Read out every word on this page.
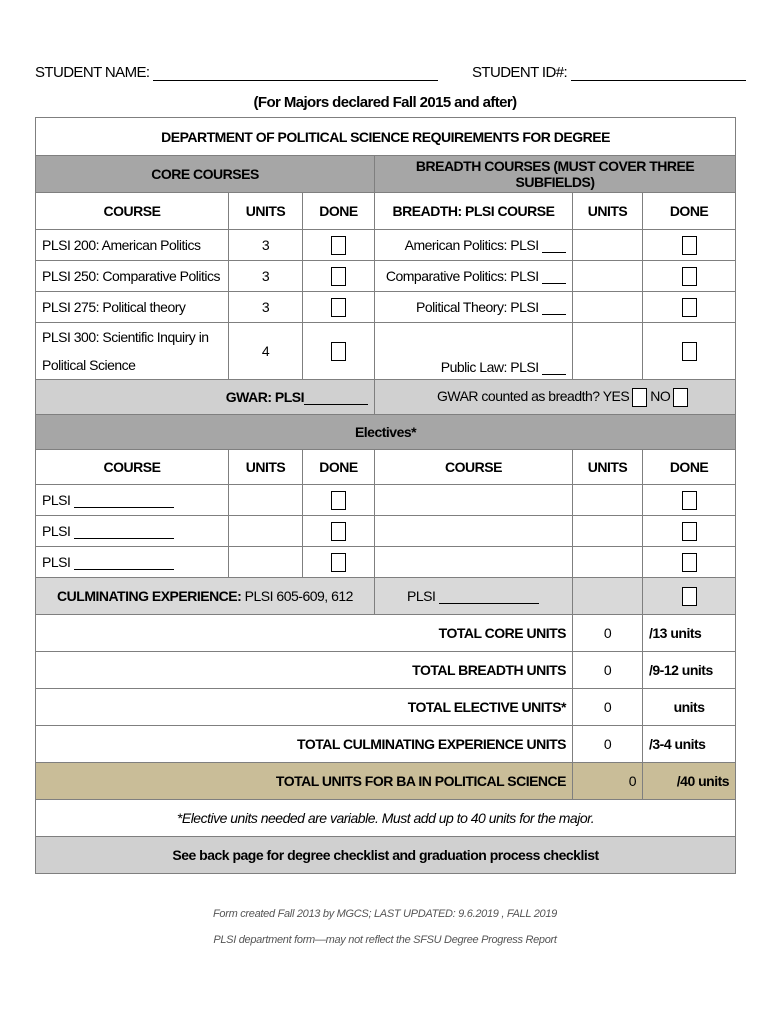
STUDENT NAME:	STUDENT ID#:
(For Majors declared Fall 2015 and after)
DEPARTMENT OF POLITICAL SCIENCE REQUIREMENTS FOR DEGREE					
CORE COURSES			BREADTH COURSES (MUST COVER THREE SUBFIELDS)		
COURSE	UNITS	DONE	BREADTH: PLSI COURSE	UNITS	DONE
PLSI 200: American Politics	3		American Politics: PLSI		
PLSI 250: Comparative Politics	3		Comparative Politics: PLSI		
PLSI 275: Political theory	3		Political Theory: PLSI		
PLSI 300: Scientific Inquiry in Political Science	4		Public Law: PLSI		
GWAR: PLSI			GWAR counted as breadth? YES NO		
Electives*					
COURSE	UNITS	DONE	COURSE	UNITS	DONE
PLSI					
PLSI					
PLSI					
CULMINATING EXPERIENCE: PLSI 605-609, 612			PLSI		
TOTAL CORE UNITS				0	/13 units
TOTAL BREADTH UNITS				0	/9-12 units
TOTAL ELECTIVE UNITS*				0	units
TOTAL CULMINATING EXPERIENCE UNITS				0	/3-4 units
TOTAL UNITS FOR BA IN POLITICAL SCIENCE				0	/40 units
*Elective units needed are variable. Must add up to 40 units for the major.					
See back page for degree checklist and graduation process checklist					
Form created Fall 2013 by MGCS; LAST UPDATED: 9.6.2019 , FALL 2019
PLSI department form—may not reflect the SFSU Degree Progress Report
